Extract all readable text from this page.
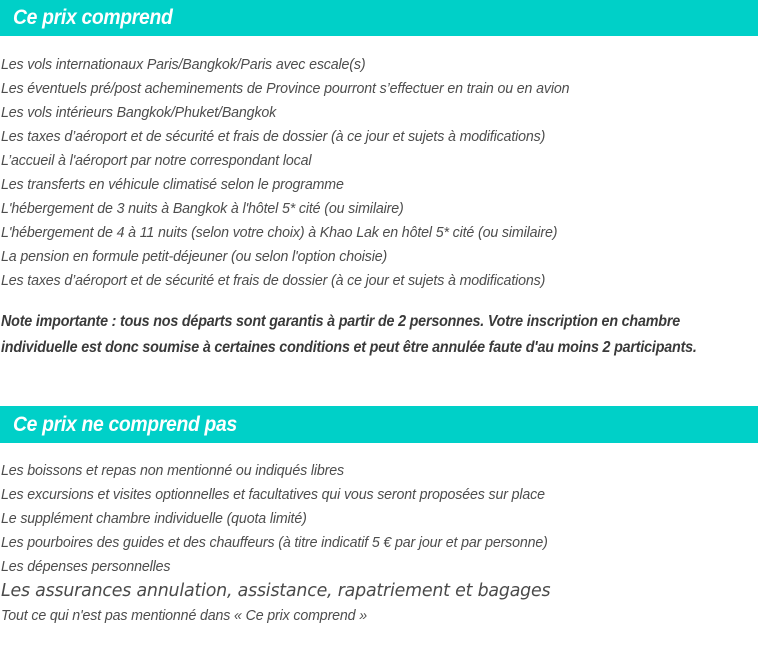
Ce prix comprend
Les vols internationaux Paris/Bangkok/Paris avec escale(s)
Les éventuels pré/post acheminements de Province pourront s’effectuer en train ou en avion
Les vols intérieurs Bangkok/Phuket/Bangkok
Les taxes d’aéroport et de sécurité et frais de dossier (à ce jour et sujets à modifications)
L’accueil à l'aéroport par notre correspondant local
Les transferts en véhicule climatisé selon le programme
L'hébergement de 3 nuits à Bangkok à l'hôtel 5* cité (ou similaire)
L'hébergement de 4 à 11 nuits (selon votre choix) à Khao Lak en hôtel 5* cité (ou similaire)
La pension en formule petit-déjeuner (ou selon l'option choisie)
Les taxes d’aéroport et de sécurité et frais de dossier (à ce jour et sujets à modifications)
Note importante : tous nos départs sont garantis à partir de 2 personnes. Votre inscription en chambre
individuelle est donc soumise à certaines conditions et peut être annulée faute d'au moins 2 participants.
Ce prix ne comprend pas
Les boissons et repas non mentionné ou indiqués libres
Les excursions et visites optionnelles et facultatives qui vous seront proposées sur place
Le supplément chambre individuelle (quota limité)
Les pourboires des guides et des chauffeurs (à titre indicatif 5 € par jour et par personne)
Les dépenses personnelles
Les assurances annulation, assistance, rapatriement et bagages
Tout ce qui n'est pas mentionné dans « Ce prix comprend »
